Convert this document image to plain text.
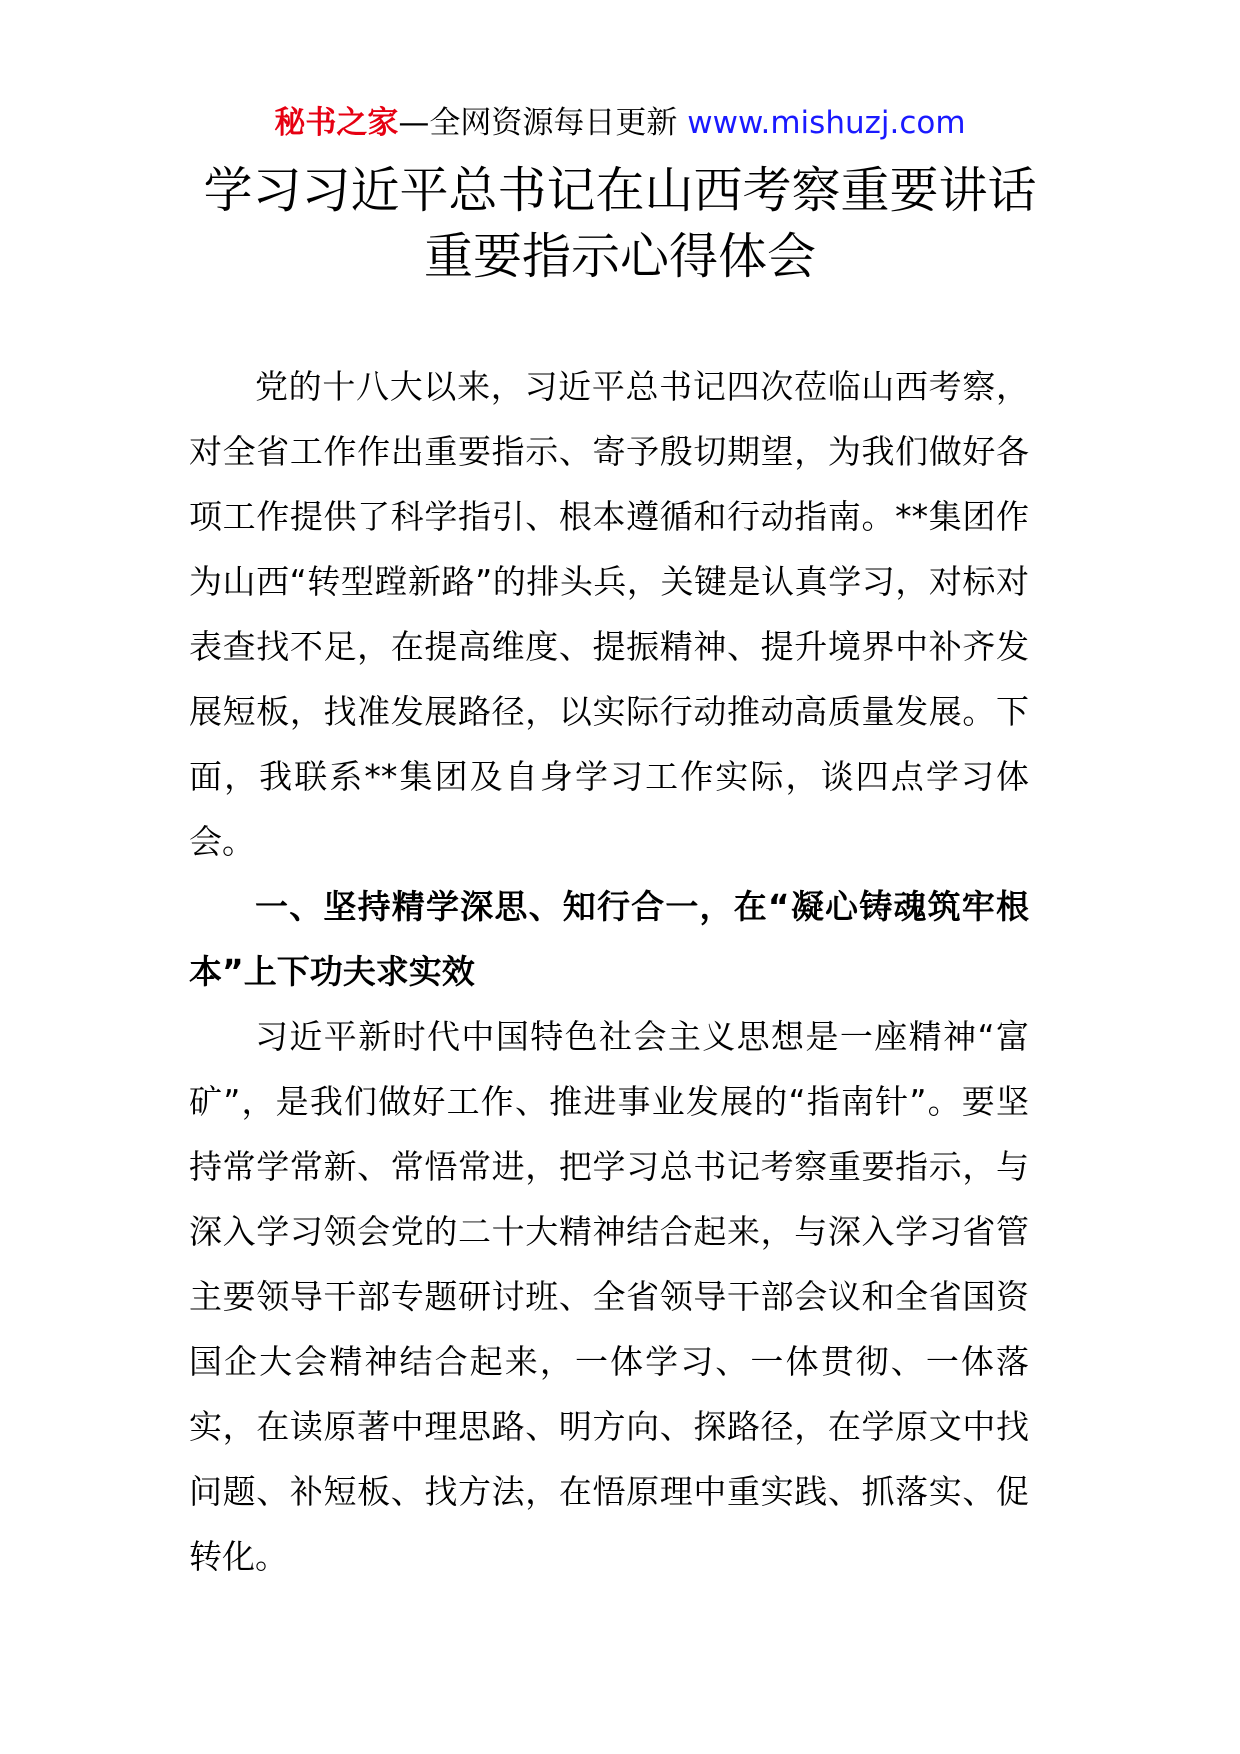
秘书之家—全网资源每日更新 www.mishuzj.com
学习习近平总书记在山西考察重要讲话
重要指示心得体会

党的十八大以来，习近平总书记四次莅临山西考察，对全省工作作出重要指示、寄予殷切期望，为我们做好各项工作提供了科学指引、根本遵循和行动指南。**集团作为山西“转型蹚新路”的排头兵，关键是认真学习，对标对表查找不足，在提高维度、提振精神、提升境界中补齐发展短板，找准发展路径，以实际行动推动高质量发展。下面，我联系**集团及自身学习工作实际，谈四点学习体会。

一、坚持精学深思、知行合一，在“凝心铸魂筑牢根本”上下功夫求实效

习近平新时代中国特色社会主义思想是一座精神“富矿”，是我们做好工作、推进事业发展的“指南针”。要坚持常学常新、常悟常进，把学习总书记考察重要指示，与深入学习领会党的二十大精神结合起来，与深入学习省管主要领导干部专题研讨班、全省领导干部会议和全省国资国企大会精神结合起来，一体学习、一体贯彻、一体落实，在读原著中理思路、明方向、探路径，在学原文中找问题、补短板、找方法，在悟原理中重实践、抓落实、促转化。
